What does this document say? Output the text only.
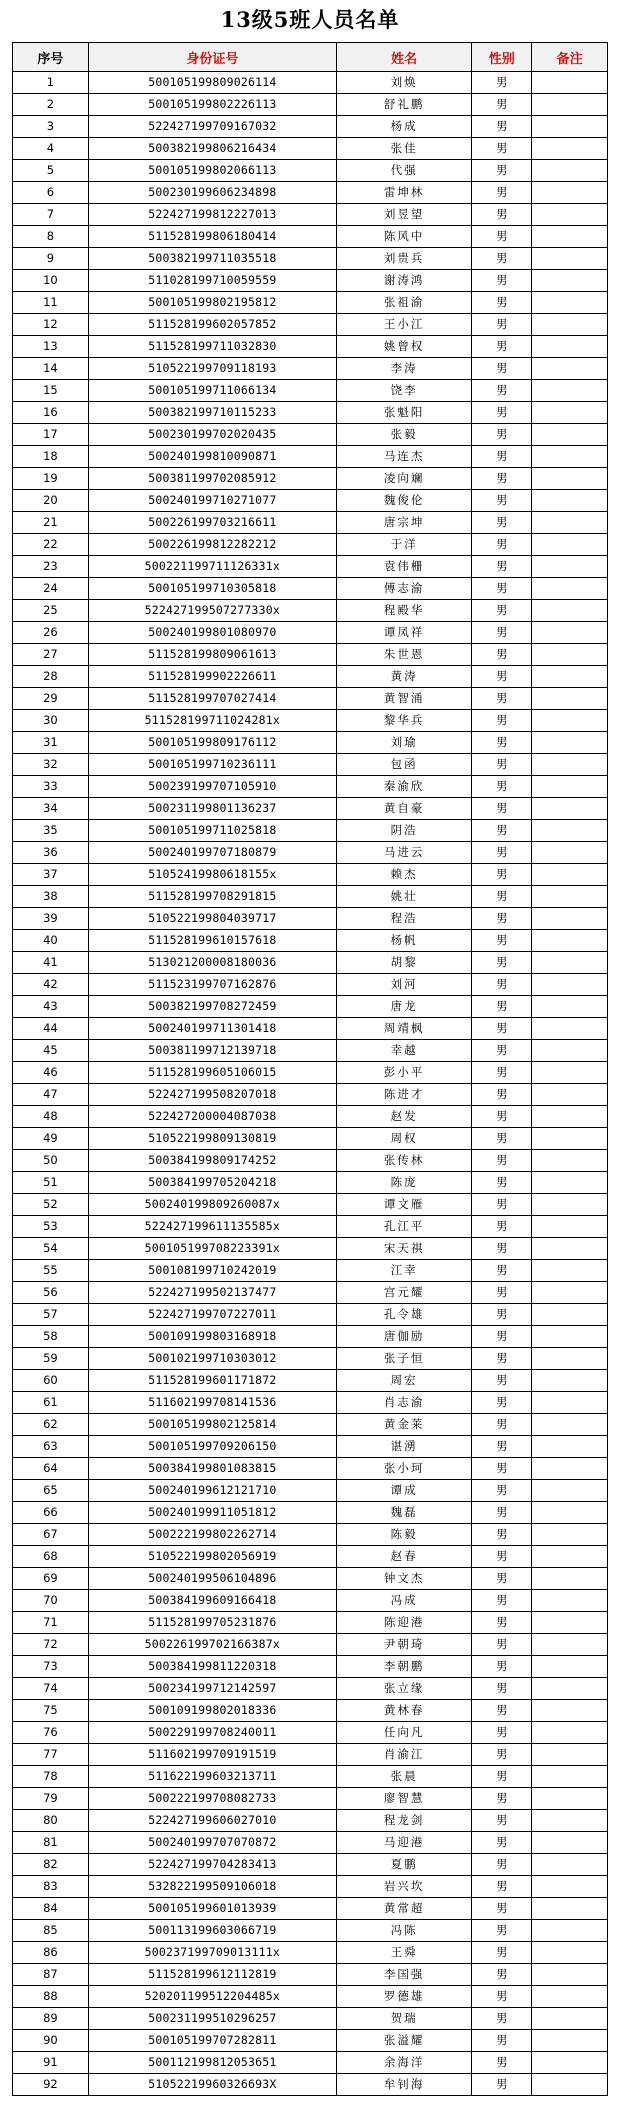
13级5班人员名单
序号	身份证号	姓名	性别	备注
1	500105199809026114	刘焕	男	
2	500105199802226113	舒礼鹏	男	
3	522427199709167032	杨成	男	
4	500382199806216434	张佳	男	
5	500105199802066113	代强	男	
6	500230199606234898	雷坤林	男	
7	522427199812227013	刘昱望	男	
8	511528199806180414	陈风中	男	
9	500382199711035518	刘贵兵	男	
10	511028199710059559	谢涛鸿	男	
11	500105199802195812	张祖渝	男	
12	511528199602057852	王小江	男	
13	511528199711032830	姚曾权	男	
14	510522199709118193	李涛	男	
15	500105199711066134	饶李	男	
16	500382199710115233	张魁阳	男	
17	500230199702020435	张毅	男	
18	500240199810090871	马连杰	男	
19	500381199702085912	凌向斓	男	
20	500240199710271077	魏俊伦	男	
21	500226199703216611	唐宗坤	男	
22	500226199812282212	于洋	男	
23	500221199711126331x	袁伟栅	男	
24	500105199710305818	傅志渝	男	
25	522427199507277330x	程殿华	男	
26	500240199801080970	谭凤祥	男	
27	511528199809061613	朱世恩	男	
28	511528199902226611	黄涛	男	
29	511528199707027414	黄智涌	男	
30	511528199711024281x	黎华兵	男	
31	500105199809176112	刘瑜	男	
32	500105199710236111	包函	男	
33	500239199707105910	秦渝欣	男	
34	500231199801136237	黄自豪	男	
35	500105199711025818	阴浩	男	
36	500240199707180879	马进云	男	
37	51052419980618155x	赖杰	男	
38	511528199708291815	姚壮	男	
39	510522199804039717	程浩	男	
40	511528199610157618	杨帆	男	
41	513021200008180036	胡黎	男	
42	511523199707162876	刘河	男	
43	500382199708272459	唐龙	男	
44	500240199711301418	周靖枫	男	
45	500381199712139718	幸越	男	
46	511528199605106015	彭小平	男	
47	522427199508207018	陈进才	男	
48	522427200004087038	赵发	男	
49	510522199809130819	周权	男	
50	500384199809174252	张传林	男	
51	500384199705204218	陈庞	男	
52	500240199809260087x	谭文雁	男	
53	522427199611135585x	孔江平	男	
54	500105199708223391x	宋天祺	男	
55	500108199710242019	江幸	男	
56	522427199502137477	宫元耀	男	
57	522427199707227011	孔令雄	男	
58	500109199803168918	唐伽励	男	
59	500102199710303012	张子恒	男	
60	511528199601171872	周宏	男	
61	511602199708141536	肖志渝	男	
62	500105199802125814	黄金莱	男	
63	500105199709206150	谌湧	男	
64	500384199801083815	张小珂	男	
65	500240199612121710	谭成	男	
66	500240199911051812	魏磊	男	
67	500222199802262714	陈毅	男	
68	510522199802056919	赵春	男	
69	500240199506104896	钟文杰	男	
70	500384199609166418	冯成	男	
71	511528199705231876	陈迎港	男	
72	500226199702166387x	尹朝琦	男	
73	500384199811220318	李朝鹏	男	
74	500234199712142597	张立缘	男	
75	500109199802018336	黄林春	男	
76	500229199708240011	任向凡	男	
77	511602199709191519	肖渝江	男	
78	511622199603213711	张晨	男	
79	500222199708082733	廖智慧	男	
80	522427199606027010	程龙剑	男	
81	500240199707070872	马迎港	男	
82	522427199704283413	夏鹏	男	
83	532822199509106018	岩兴坎	男	
84	500105199601013939	黄常超	男	
85	500113199603066719	冯陈	男	
86	500237199709013111x	王舜	男	
87	511528199612112819	李国强	男	
88	520201199512204485x	罗德雄	男	
89	500231199510296257	贺瑞	男	
90	500105199707282811	张溢耀	男	
91	500112199812053651	余海洋	男	
92	51052219960326693X	牟钊海	男	
